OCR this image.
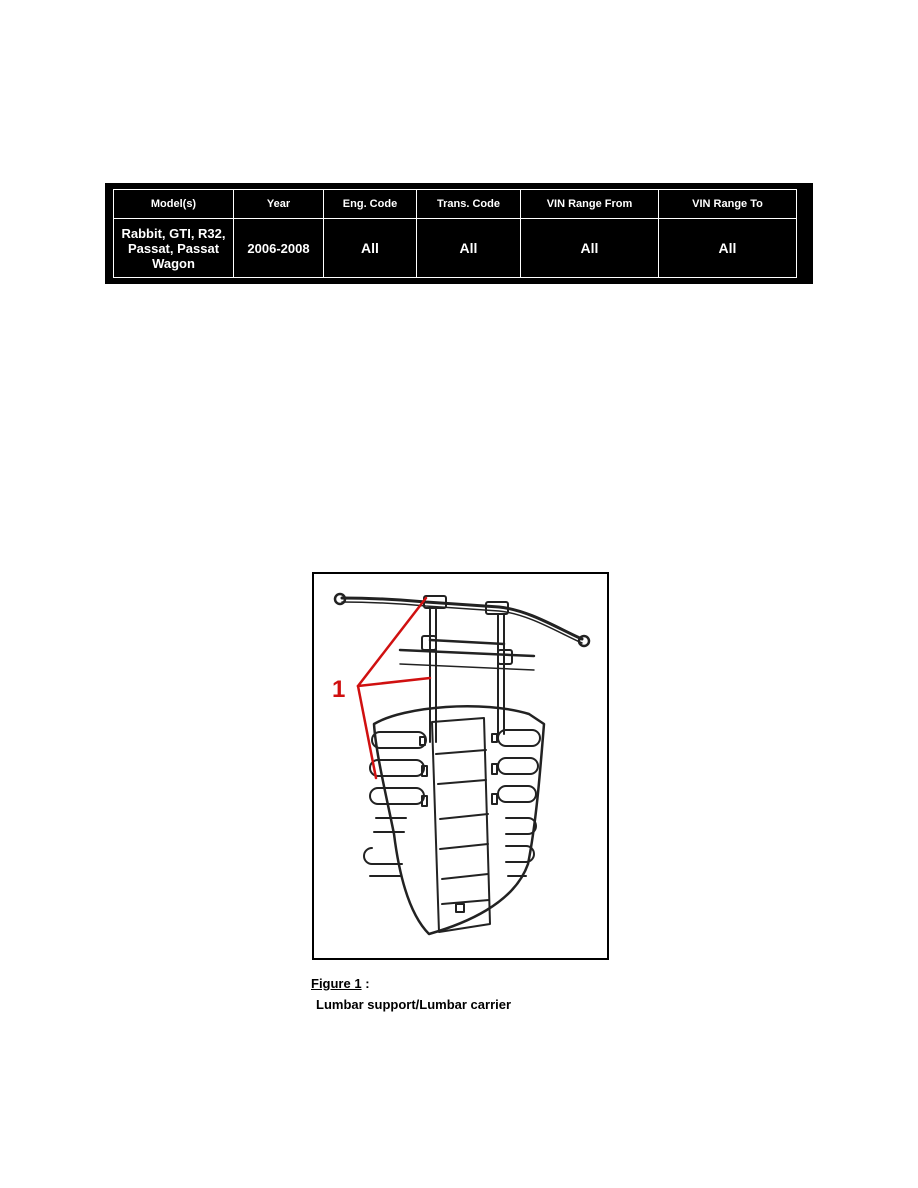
Model(s)	Year	Eng. Code	Trans. Code	VIN Range From	VIN Range To
Rabbit, GTI, R32, Passat, Passat Wagon	2006-2008	All	All	All	All
1
Figure 1 :
Lumbar support/Lumbar carrier
